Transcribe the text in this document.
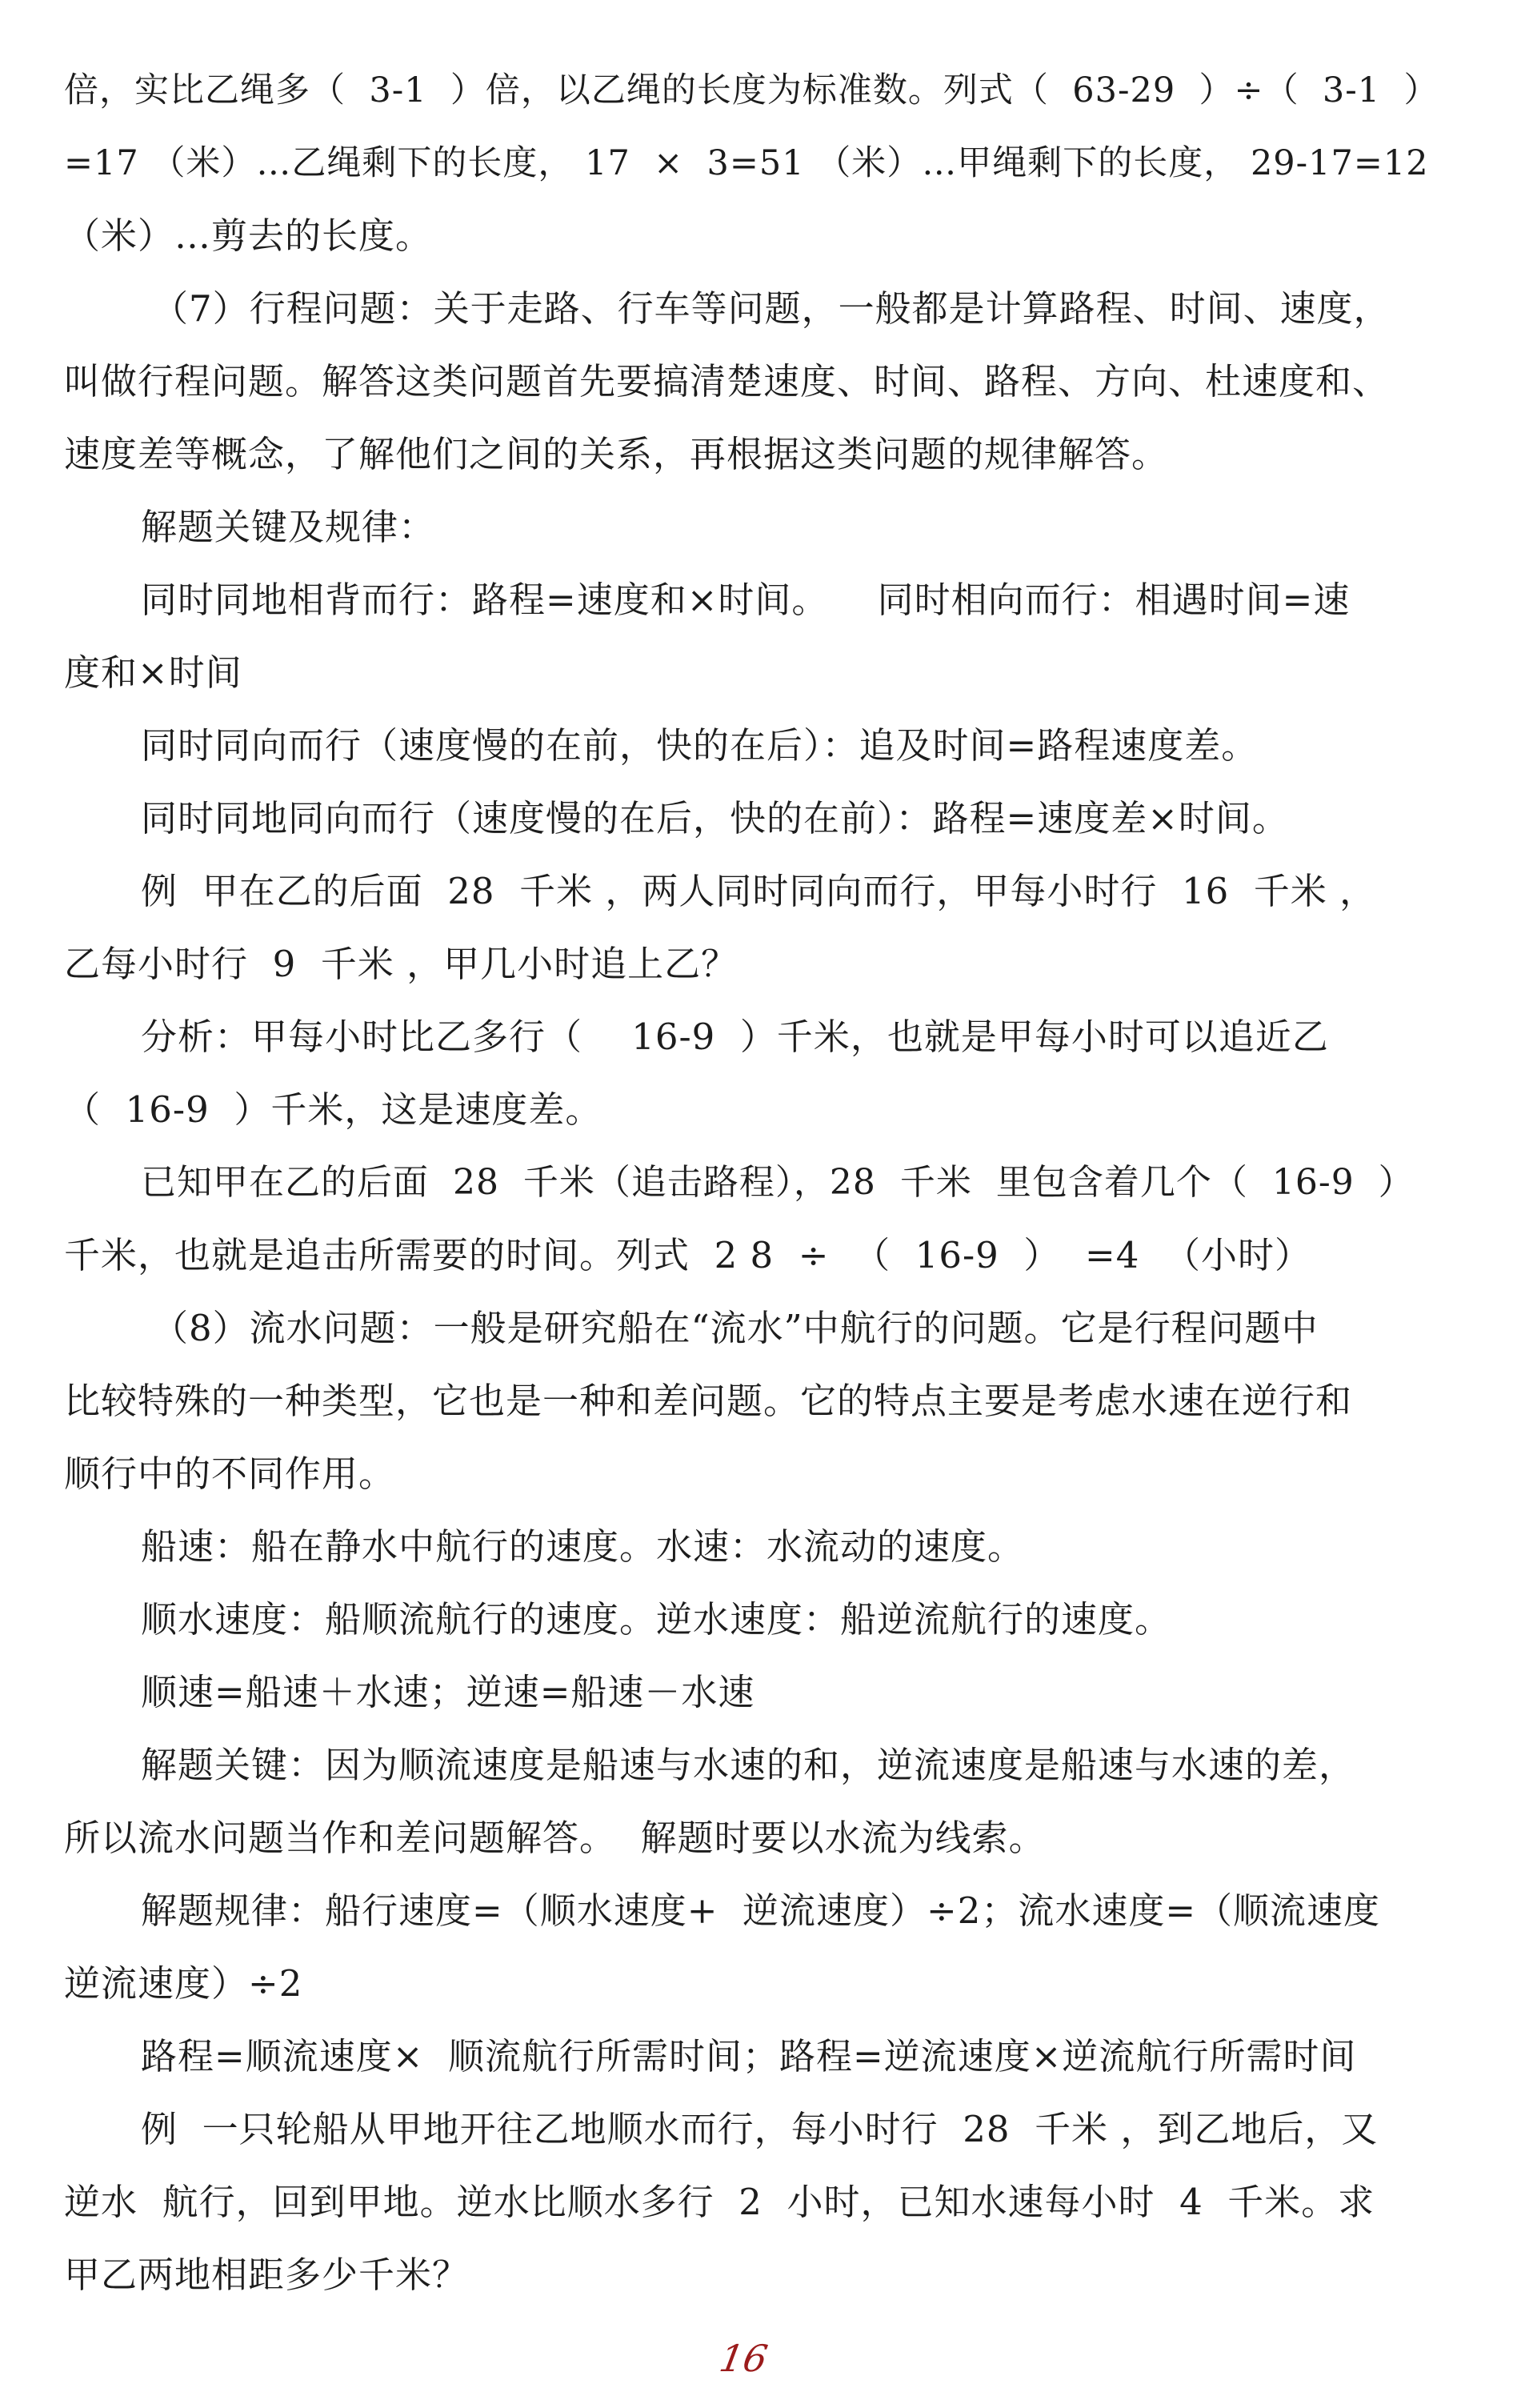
倍，实比乙绳多（  3-1  ）倍，以乙绳的长度为标准数。列式（  63-29  ）÷（  3-1  ）
=17 （米）…乙绳剩下的长度， 17  ×  3=51 （米）…甲绳剩下的长度， 29-17=12
（米）…剪去的长度。
（7）行程问题：关于走路、行车等问题，一般都是计算路程、时间、速度，
叫做行程问题。解答这类问题首先要搞清楚速度、时间、路程、方向、杜速度和、
速度差等概念，了解他们之间的关系，再根据这类问题的规律解答。
解题关键及规律：
同时同地相背而行：路程=速度和×时间。    同时相向而行：相遇时间=速
度和×时间
同时同向而行（速度慢的在前，快的在后）：追及时间=路程速度差。
同时同地同向而行（速度慢的在后，快的在前）：路程=速度差×时间。
例  甲在乙的后面  28  千米 ，两人同时同向而行，甲每小时行  16  千米 ，
乙每小时行  9  千米 ，甲几小时追上乙？
分析：甲每小时比乙多行（    16-9  ）千米，也就是甲每小时可以追近乙
（  16-9  ）千米，这是速度差。
已知甲在乙的后面  28  千米（追击路程），28  千米  里包含着几个（  16-9  ）
千米，也就是追击所需要的时间。列式  2 8  ÷  （  16-9  ）  =4  （小时）
（8）流水问题：一般是研究船在“流水”中航行的问题。它是行程问题中
比较特殊的一种类型，它也是一种和差问题。它的特点主要是考虑水速在逆行和
顺行中的不同作用。
船速：船在静水中航行的速度。水速：水流动的速度。
顺水速度：船顺流航行的速度。逆水速度：船逆流航行的速度。
顺速=船速＋水速；逆速=船速－水速
解题关键：因为顺流速度是船速与水速的和，逆流速度是船速与水速的差，
所以流水问题当作和差问题解答。  解题时要以水流为线索。
解题规律：船行速度=（顺水速度+  逆流速度）÷2；流水速度=（顺流速度
逆流速度）÷2
路程=顺流速度×  顺流航行所需时间；路程=逆流速度×逆流航行所需时间
例  一只轮船从甲地开往乙地顺水而行，每小时行  28  千米 ，到乙地后，又
逆水  航行，回到甲地。逆水比顺水多行  2  小时，已知水速每小时  4  千米。求
甲乙两地相距多少千米？
16
